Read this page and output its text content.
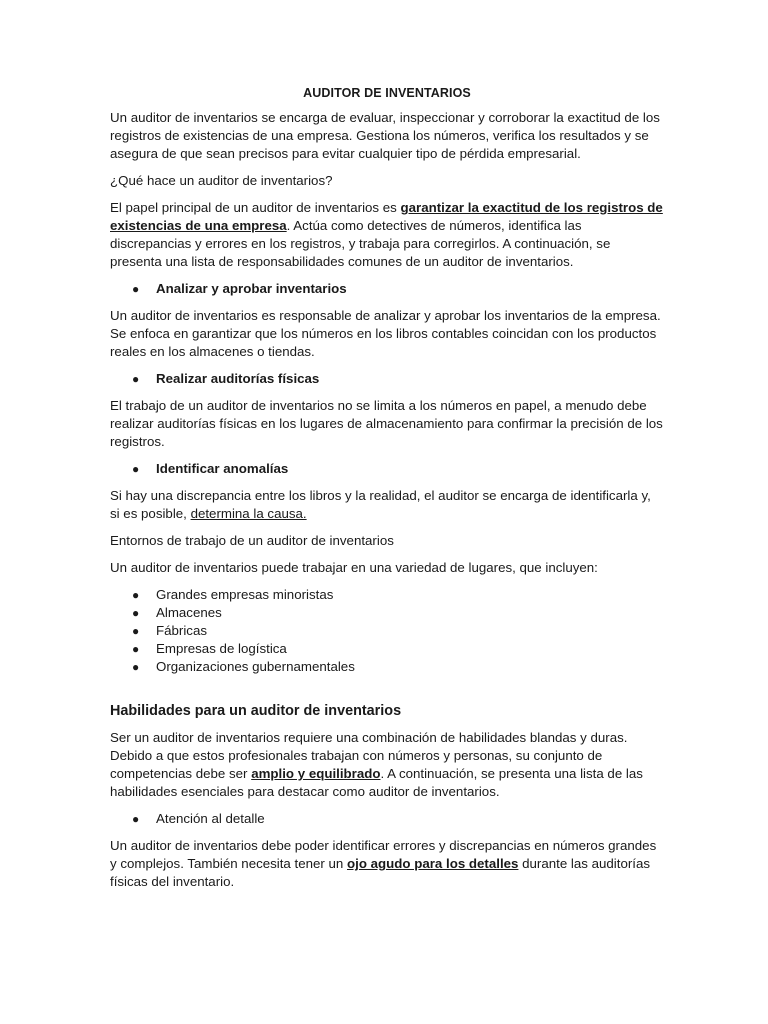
AUDITOR DE INVENTARIOS

Un auditor de inventarios se encarga de evaluar, inspeccionar y corroborar la exactitud de los registros de existencias de una empresa. Gestiona los números, verifica los resultados y se asegura de que sean precisos para evitar cualquier tipo de pérdida empresarial.

¿Qué hace un auditor de inventarios?

El papel principal de un auditor de inventarios es garantizar la exactitud de los registros de existencias de una empresa. Actúa como detectives de números, identifica las discrepancias y errores en los registros, y trabaja para corregirlos. A continuación, se presenta una lista de responsabilidades comunes de un auditor de inventarios.

● Analizar y aprobar inventarios

Un auditor de inventarios es responsable de analizar y aprobar los inventarios de la empresa. Se enfoca en garantizar que los números en los libros contables coincidan con los productos reales en los almacenes o tiendas.

● Realizar auditorías físicas

El trabajo de un auditor de inventarios no se limita a los números en papel, a menudo debe realizar auditorías físicas en los lugares de almacenamiento para confirmar la precisión de los registros.

● Identificar anomalías

Si hay una discrepancia entre los libros y la realidad, el auditor se encarga de identificarla y, si es posible, determina la causa.

Entornos de trabajo de un auditor de inventarios

Un auditor de inventarios puede trabajar en una variedad de lugares, que incluyen:

● Grandes empresas minoristas
● Almacenes
● Fábricas
● Empresas de logística
● Organizaciones gubernamentales
Habilidades para un auditor de inventarios

Ser un auditor de inventarios requiere una combinación de habilidades blandas y duras. Debido a que estos profesionales trabajan con números y personas, su conjunto de competencias debe ser amplio y equilibrado. A continuación, se presenta una lista de las habilidades esenciales para destacar como auditor de inventarios.

● Atención al detalle

Un auditor de inventarios debe poder identificar errores y discrepancias en números grandes y complejos. También necesita tener un ojo agudo para los detalles durante las auditorías físicas del inventario.
